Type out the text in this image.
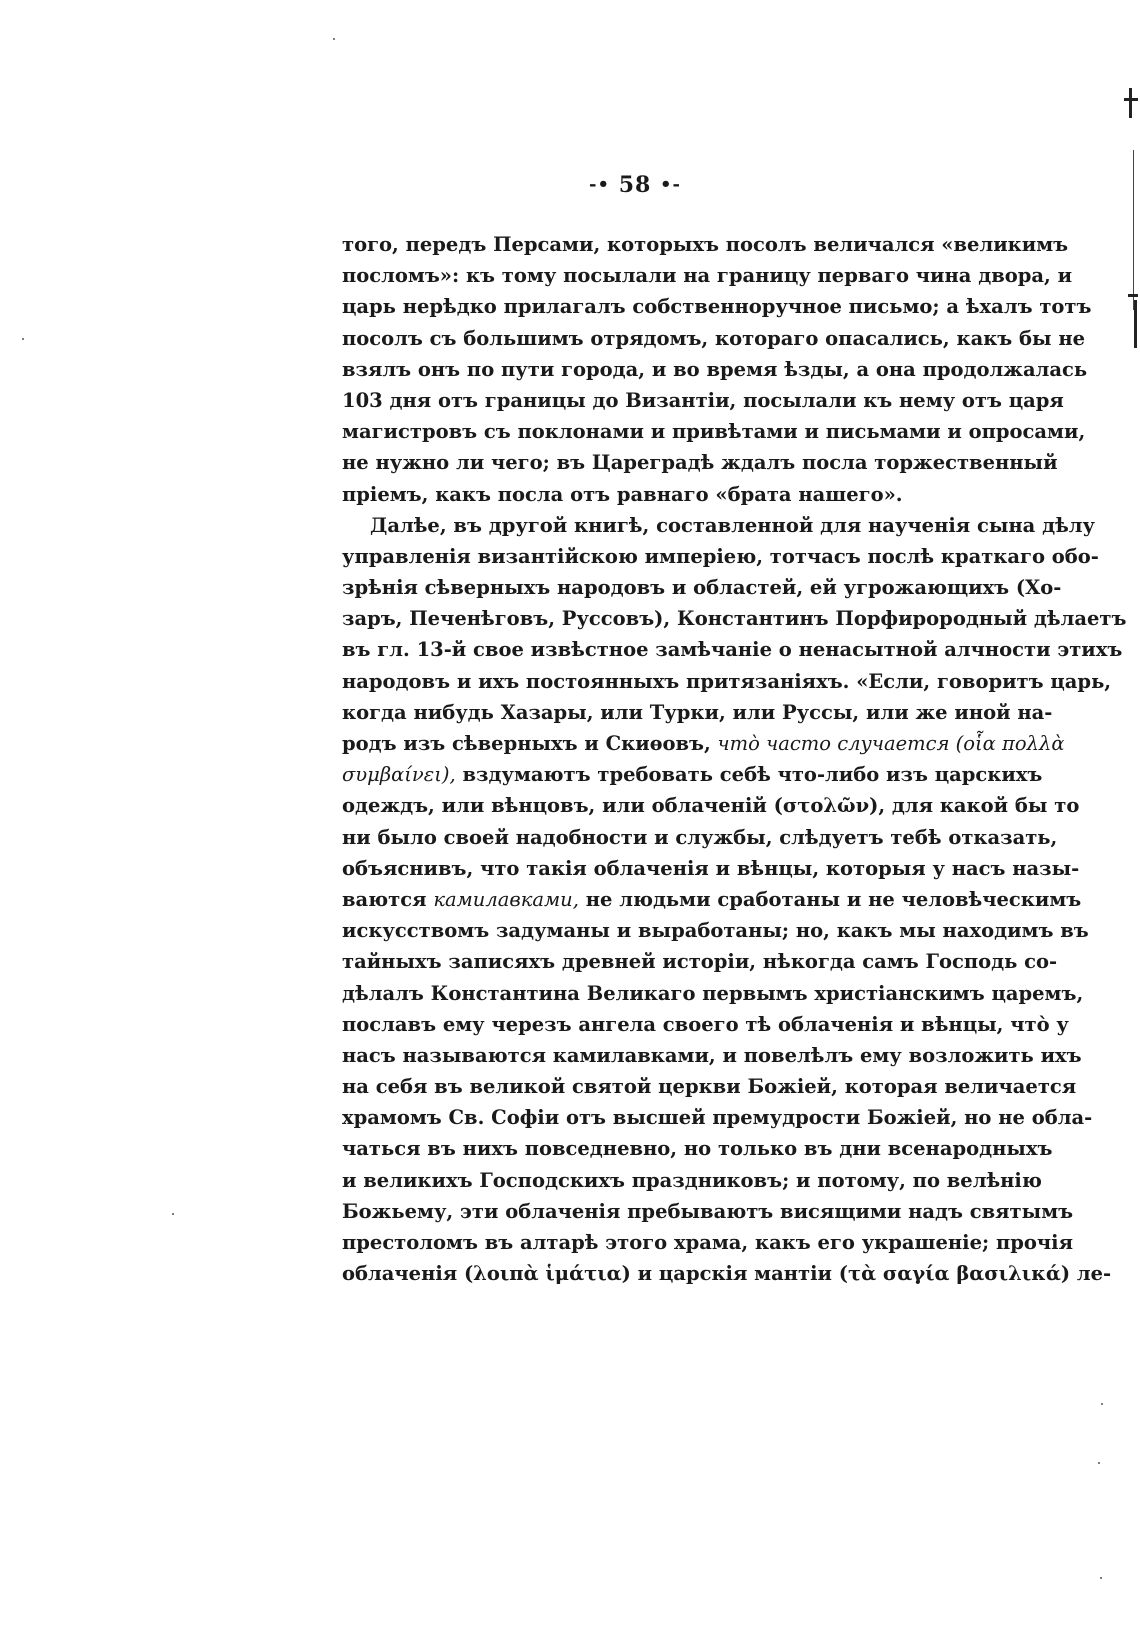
-• 58 •-
того, передъ Персами, которыхъ посолъ величался «великимъ
посломъ»: къ тому посылали на границу перваго чина двора, и
царь нерѣдко прилагалъ собственноручное письмо; а ѣхалъ тотъ
посолъ съ большимъ отрядомъ, котораго опасались, какъ бы не
взялъ онъ по пути города, и во время ѣзды, а она продолжалась
103 дня отъ границы до Византіи, посылали къ нему отъ царя
магистровъ съ поклонами и привѣтами и письмами и опросами,
не нужно ли чего; въ Цареградѣ ждалъ посла торжественный
пріемъ, какъ посла отъ равнаго «брата нашего».
Далѣе, въ другой книгѣ, составленной для наученія сына дѣлу
управленія византійскою имперіею, тотчасъ послѣ краткаго обо-
зрѣнія сѣверныхъ народовъ и областей, ей угрожающихъ (Хо-
заръ, Печенѣговъ, Руссовъ), Константинъ Порфирородный дѣлаетъ
въ гл. 13-й свое извѣстное замѣчаніе о ненасытной алчности этихъ
народовъ и ихъ постоянныхъ притязаніяхъ. «Если, говоритъ царь,
когда нибудь Хазары, или Турки, или Руссы, или же иной на-
родъ изъ сѣверныхъ и Скиѳовъ, что̀ часто случается (οἷα πολλὰ
συμβαίνει), вздумаютъ требовать себѣ что-либо изъ царскихъ
одеждъ, или вѣнцовъ, или облаченій (στολῶν), для какой бы то
ни было своей надобности и службы, слѣдуетъ тебѣ отказать,
объяснивъ, что такія облаченія и вѣнцы, которыя у насъ назы-
ваются камилавками, не людьми сработаны и не человѣческимъ
искусствомъ задуманы и выработаны; но, какъ мы находимъ въ
тайныхъ записяхъ древней исторіи, нѣкогда самъ Господь со-
дѣлалъ Константина Великаго первымъ христіанскимъ царемъ,
пославъ ему черезъ ангела своего тѣ облаченія и вѣнцы, что̀ у
насъ называются камилавками, и повелѣлъ ему возложить ихъ
на себя въ великой святой церкви Божіей, которая величается
храмомъ Св. Софіи отъ высшей премудрости Божіей, но не обла-
чаться въ нихъ повседневно, но только въ дни всенародныхъ
и великихъ Господскихъ праздниковъ; и потому, по велѣнію
Божьему, эти облаченія пребываютъ висящими надъ святымъ
престоломъ въ алтарѣ этого храма, какъ его украшеніе; прочія
облаченія (λοιπὰ ἱμάτια) и царскія мантіи (τὰ σαγία βασιλικά) ле-
